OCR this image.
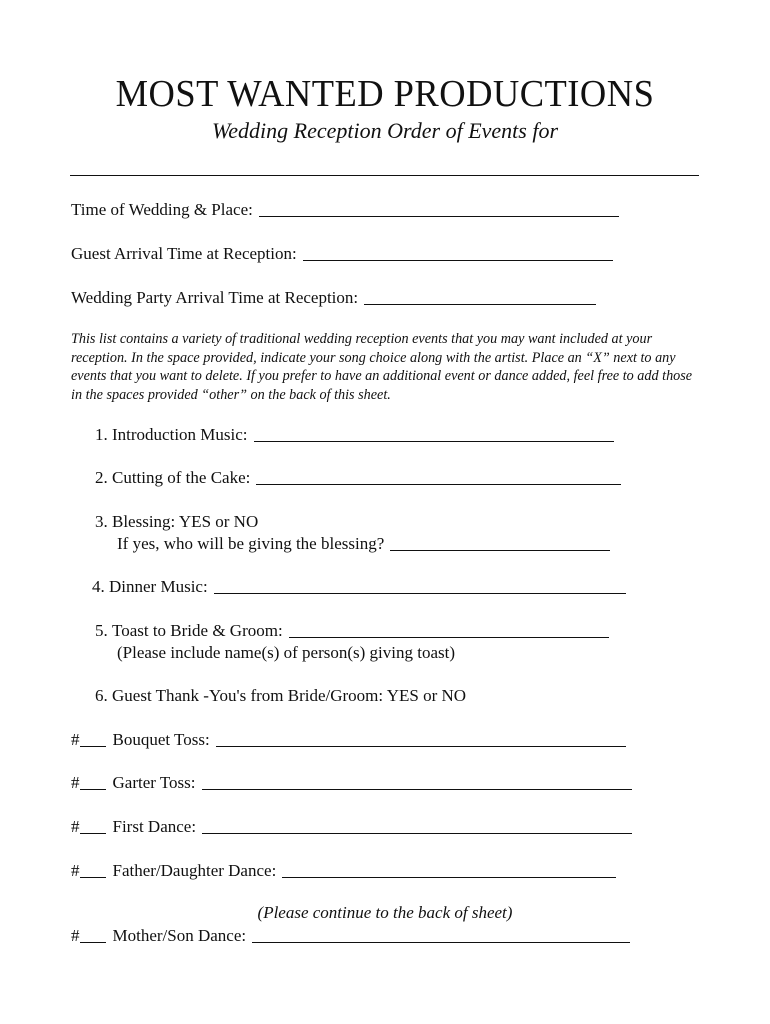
MOST WANTED PRODUCTIONS
Wedding Reception Order of Events for
Time of Wedding & Place:
Guest Arrival Time at Reception:
Wedding Party Arrival Time at Reception:
This list contains a variety of traditional wedding reception events that you may want included at your reception. In the space provided, indicate your song choice along with the artist. Place an “X” next to any events that you want to delete. If you prefer to have an additional event or dance added, feel free to add those in the spaces provided “other” on the back of this sheet.
1.
Introduction Music:
2.
Cutting of the Cake:
3.
Blessing: YES or NO
If yes, who will be giving the blessing?
4.
Dinner Music:
5.
Toast to Bride & Groom:
(Please include name(s) of person(s) giving toast)
6.
Guest Thank -You's from Bride/Groom: YES or NO
# Bouquet Toss:
# Garter Toss:
# First Dance:
# Father/Daughter Dance:
(Please continue to the back of sheet)
# Mother/Son Dance:
